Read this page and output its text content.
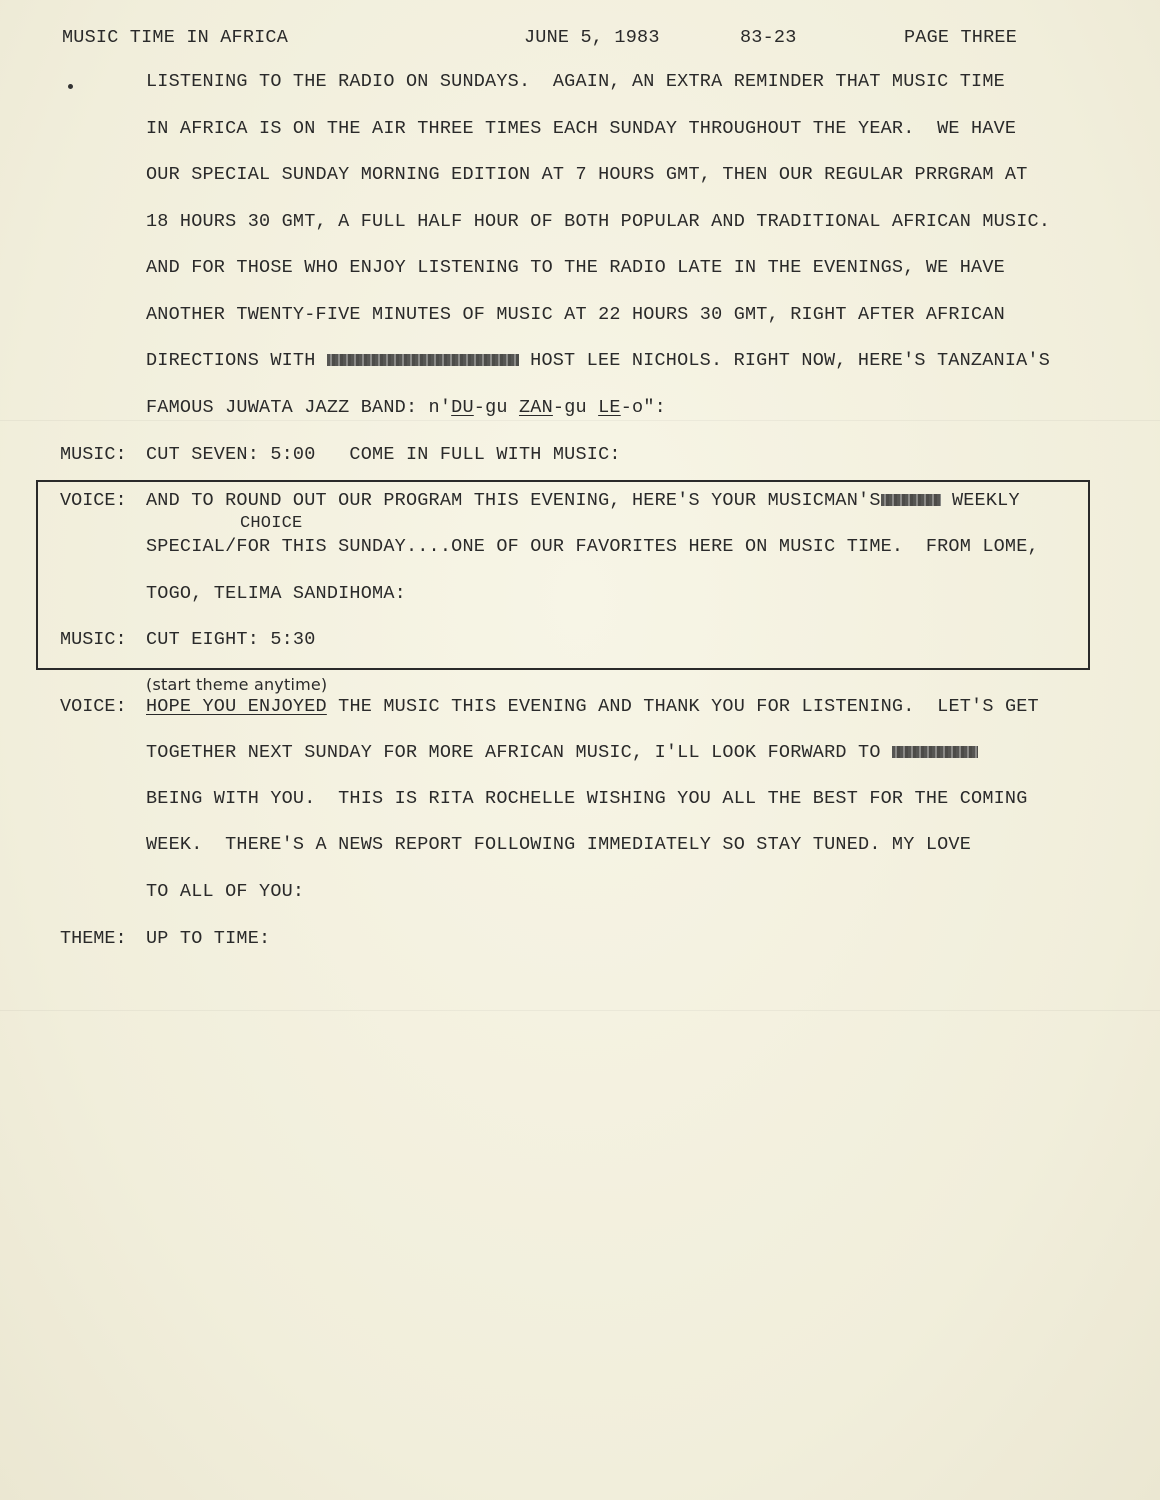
MUSIC TIME IN AFRICA	JUNE 5, 1983	83-23	PAGE THREE
LISTENING TO THE RADIO ON SUNDAYS.  AGAIN, AN EXTRA REMINDER THAT MUSIC TIME
IN AFRICA IS ON THE AIR THREE TIMES EACH SUNDAY THROUGHOUT THE YEAR.  WE HAVE
OUR SPECIAL SUNDAY MORNING EDITION AT 7 HOURS GMT, THEN OUR REGULAR PRRGRAM AT
18 HOURS 30 GMT, A FULL HALF HOUR OF BOTH POPULAR AND TRADITIONAL AFRICAN MUSIC.
AND FOR THOSE WHO ENJOY LISTENING TO THE RADIO LATE IN THE EVENINGS, WE HAVE
ANOTHER TWENTY-FIVE MINUTES OF MUSIC AT 22 HOURS 30 GMT, RIGHT AFTER AFRICAN
DIRECTIONS WITH	HOST LEE NICHOLS. RIGHT NOW, HERE'S TANZANIA'S
FAMOUS JUWATA JAZZ BAND: n'DU-gu ZAN-gu LE-o":
MUSIC: CUT SEVEN: 5:00   COME IN FULL WITH MUSIC:
VOICE: AND TO ROUND OUT OUR PROGRAM THIS EVENING, HERE'S YOUR MUSICMAN'S	WEEKLY
CHOICE
SPECIAL/FOR THIS SUNDAY....ONE OF OUR FAVORITES HERE ON MUSIC TIME.  FROM LOME,
TOGO, TELIMA SANDIHOMA:
MUSIC: CUT EIGHT: 5:30
(start theme anytime)
VOICE: HOPE YOU ENJOYED THE MUSIC THIS EVENING AND THANK YOU FOR LISTENING.  LET'S GET
TOGETHER NEXT SUNDAY FOR MORE AFRICAN MUSIC, I'LL LOOK FORWARD TO
BEING WITH YOU.  THIS IS RITA ROCHELLE WISHING YOU ALL THE BEST FOR THE COMING
WEEK.  THERE'S A NEWS REPORT FOLLOWING IMMEDIATELY SO STAY TUNED. MY LOVE
TO ALL OF YOU:
THEME: UP TO TIME:
